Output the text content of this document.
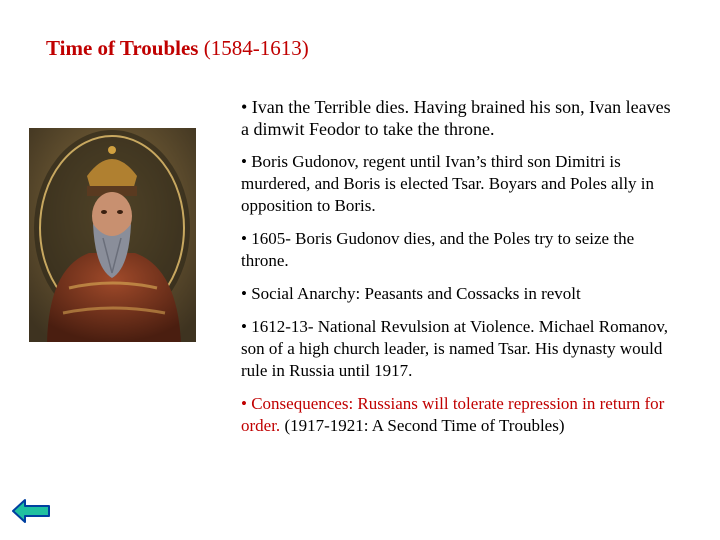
Time of Troubles (1584-1613)
• Ivan the Terrible dies. Having brained his son, Ivan leaves a dimwit Feodor to take the throne.
• Boris Gudonov, regent until Ivan’s third son Dimitri is murdered, and Boris is elected Tsar. Boyars and Poles ally in opposition to Boris.
• 1605- Boris Gudonov dies, and the Poles try to seize the throne.
• Social Anarchy: Peasants and Cossacks in revolt
• 1612-13- National Revulsion at Violence. Michael Romanov, son of a high church leader, is named Tsar. His dynasty would rule in Russia until 1917.
• Consequences: Russians will tolerate repression in return for order. (1917-1921: A Second Time of Troubles)
